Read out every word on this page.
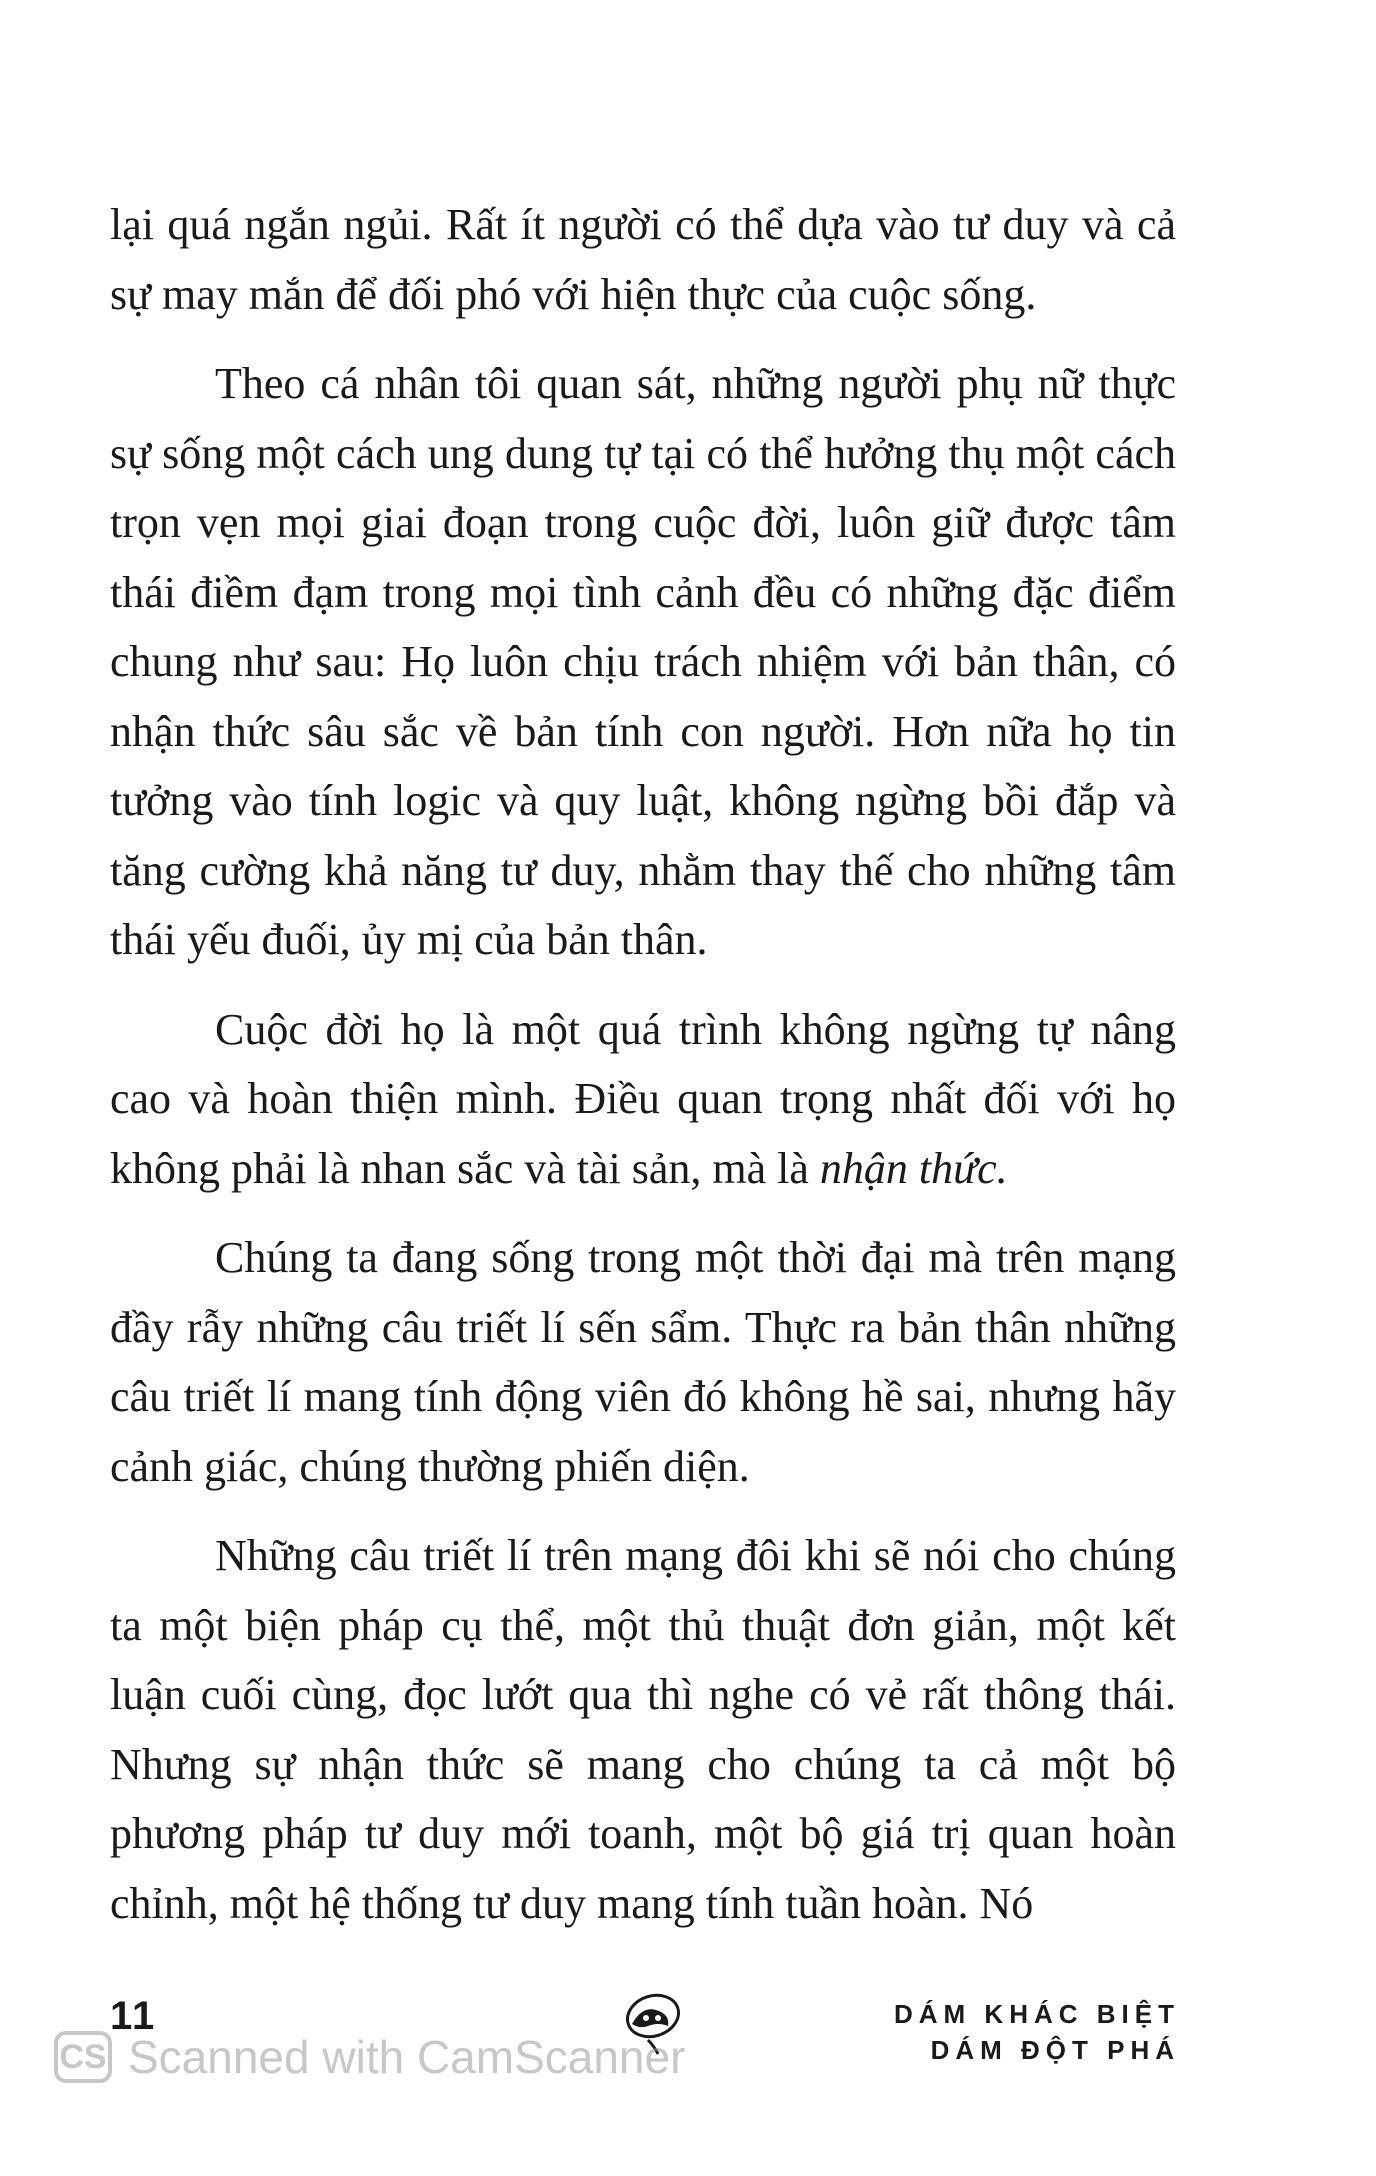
lại quá ngắn ngủi. Rất ít người có thể dựa vào tư duy và cả sự may mắn để đối phó với hiện thực của cuộc sống.

Theo cá nhân tôi quan sát, những người phụ nữ thực sự sống một cách ung dung tự tại có thể hưởng thụ một cách trọn vẹn mọi giai đoạn trong cuộc đời, luôn giữ được tâm thái điềm đạm trong mọi tình cảnh đều có những đặc điểm chung như sau: Họ luôn chịu trách nhiệm với bản thân, có nhận thức sâu sắc về bản tính con người. Hơn nữa họ tin tưởng vào tính logic và quy luật, không ngừng bồi đắp và tăng cường khả năng tư duy, nhằm thay thế cho những tâm thái yếu đuối, ủy mị của bản thân.

Cuộc đời họ là một quá trình không ngừng tự nâng cao và hoàn thiện mình. Điều quan trọng nhất đối với họ không phải là nhan sắc và tài sản, mà là nhận thức.

Chúng ta đang sống trong một thời đại mà trên mạng đầy rẫy những câu triết lí sến sẩm. Thực ra bản thân những câu triết lí mang tính động viên đó không hề sai, nhưng hãy cảnh giác, chúng thường phiến diện.

Những câu triết lí trên mạng đôi khi sẽ nói cho chúng ta một biện pháp cụ thể, một thủ thuật đơn giản, một kết luận cuối cùng, đọc lướt qua thì nghe có vẻ rất thông thái. Nhưng sự nhận thức sẽ mang cho chúng ta cả một bộ phương pháp tư duy mới toanh, một bộ giá trị quan hoàn chỉnh, một hệ thống tư duy mang tính tuần hoàn. Nó

11	DÁM KHÁC BIỆT
DÁM ĐỘT PHÁ
CS Scanned with CamScanner
